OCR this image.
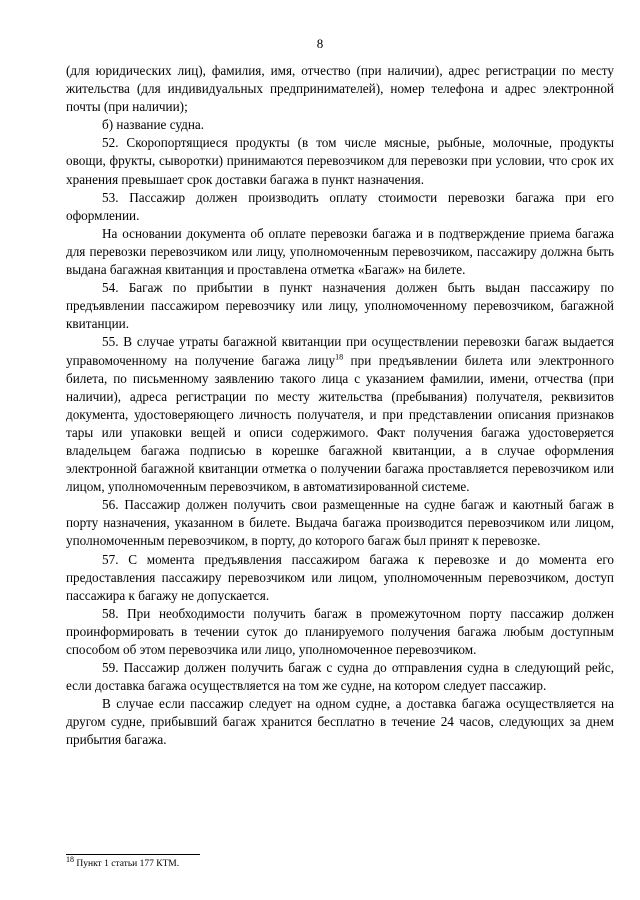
8

(для юридических лиц), фамилия, имя, отчество (при наличии), адрес регистрации по месту жительства (для индивидуальных предпринимателей), номер телефона и адрес электронной почты (при наличии);

б) название судна.

52. Скоропортящиеся продукты (в том числе мясные, рыбные, молочные, продукты овощи, фрукты, сыворотки) принимаются перевозчиком для перевозки при условии, что срок их хранения превышает срок доставки багажа в пункт назначения.

53. Пассажир должен производить оплату стоимости перевозки багажа при его оформлении.

На основании документа об оплате перевозки багажа и в подтверждение приема багажа для перевозки перевозчиком или лицу, уполномоченным перевозчиком, пассажиру должна быть выдана багажная квитанция и проставлена отметка «Багаж» на билете.

54. Багаж по прибытии в пункт назначения должен быть выдан пассажиру по предъявлении пассажиром перевозчику или лицу, уполномоченному перевозчиком, багажной квитанции.

55. В случае утраты багажной квитанции при осуществлении перевозки багаж выдается управомоченному на получение багажа лицу$^{18}$ при предъявлении билета или электронного билета, по письменному заявлению такого лица с указанием фамилии, имени, отчества (при наличии), адреса регистрации по месту жительства (пребывания) получателя, реквизитов документа, удостоверяющего личность получателя, и при представлении описания признаков тары или упаковки вещей и описи содержимого. Факт получения багажа удостоверяется владельцем багажа подписью в корешке багажной квитанции, а в случае оформления электронной багажной квитанции отметка о получении багажа проставляется перевозчиком или лицом, уполномоченным перевозчиком, в автоматизированной системе.

56. Пассажир должен получить свои размещенные на судне багаж и каютный багаж в порту назначения, указанном в билете. Выдача багажа производится перевозчиком или лицом, уполномоченным перевозчиком, в порту, до которого багаж был принят к перевозке.

57. С момента предъявления пассажиром багажа к перевозке и до момента его предоставления пассажиру перевозчиком или лицом, уполномоченным перевозчиком, доступ пассажира к багажу не допускается.

58. При необходимости получить багаж в промежуточном порту пассажир должен проинформировать в течении суток до планируемого получения багажа любым доступным способом об этом перевозчика или лицо, уполномоченное перевозчиком.

59. Пассажир должен получить багаж с судна до отправления судна в следующий рейс, если доставка багажа осуществляется на том же судне, на котором следует пассажир.

В случае если пассажир следует на одном судне, а доставка багажа осуществляется на другом судне, прибывший багаж хранится бесплатно в течение 24 часов, следующих за днем прибытия багажа.

$^{18}$ Пункт 1 статьи 177 КТМ.
